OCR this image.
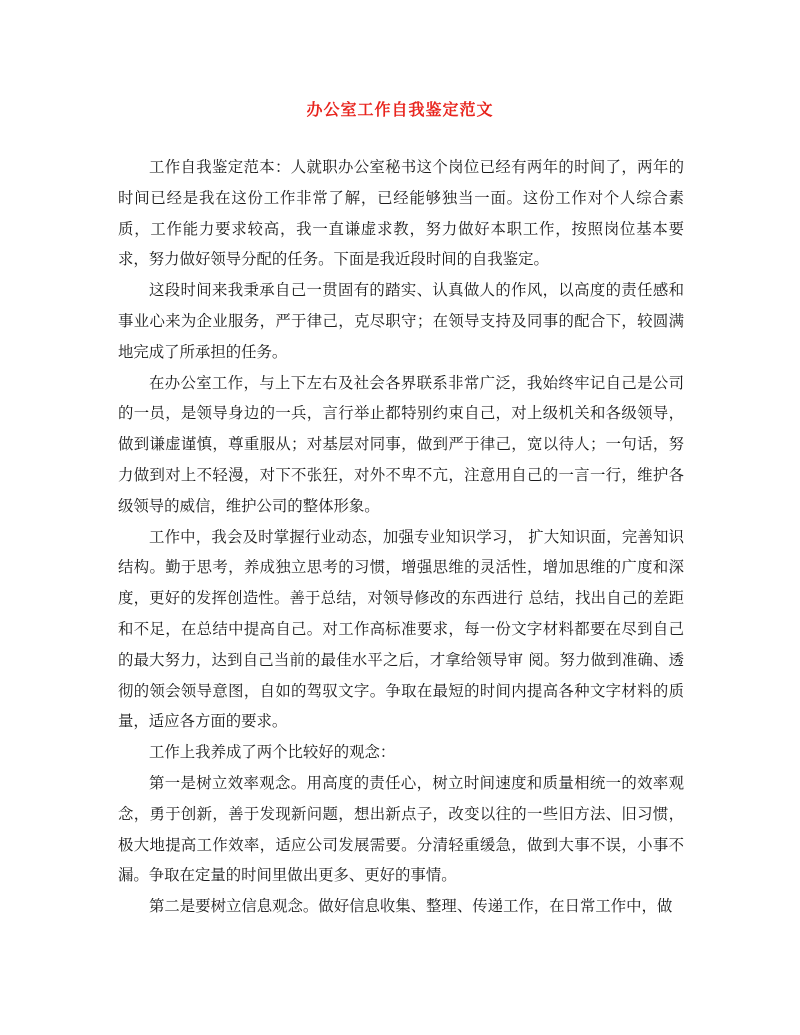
办公室工作自我鉴定范文

工作自我鉴定范本：人就职办公室秘书这个岗位已经有两年的时间了，两年的时间已经是我在这份工作非常了解，已经能够独当一面。这份工作对个人综合素质，工作能力要求较高，我一直谦虚求教，努力做好本职工作，按照岗位基本要求，努力做好领导分配的任务。下面是我近段时间的自我鉴定。

这段时间来我秉承自己一贯固有的踏实、认真做人的作风，以高度的责任感和事业心来为企业服务，严于律己，克尽职守；在领导支持及同事的配合下，较圆满地完成了所承担的任务。

在办公室工作，与上下左右及社会各界联系非常广泛，我始终牢记自己是公司的一员，是领导身边的一兵，言行举止都特别约束自己，对上级机关和各级领导，做到谦虚谨慎，尊重服从；对基层对同事，做到严于律己，宽以待人；一句话，努力做到对上不轻漫，对下不张狂，对外不卑不亢，注意用自己的一言一行，维护各级领导的威信，维护公司的整体形象。

工作中，我会及时掌握行业动态，加强专业知识学习， 扩大知识面，完善知识结构。勤于思考，养成独立思考的习惯，增强思维的灵活性，增加思维的广度和深度，更好的发挥创造性。善于总结，对领导修改的东西进行 总结，找出自己的差距和不足，在总结中提高自己。对工作高标准要求，每一份文字材料都要在尽到自己的最大努力，达到自己当前的最佳水平之后，才拿给领导审 阅。努力做到准确、透彻的领会领导意图，自如的驾驭文字。争取在最短的时间内提高各种文字材料的质量，适应各方面的要求。

工作上我养成了两个比较好的观念：

第一是树立效率观念。用高度的责任心，树立时间速度和质量相统一的效率观念，勇于创新，善于发现新问题，想出新点子，改变以往的一些旧方法、旧习惯，极大地提高工作效率，适应公司发展需要。分清轻重缓急，做到大事不误，小事不漏。争取在定量的时间里做出更多、更好的事情。

第二是要树立信息观念。做好信息收集、整理、传递工作，在日常工作中，做
